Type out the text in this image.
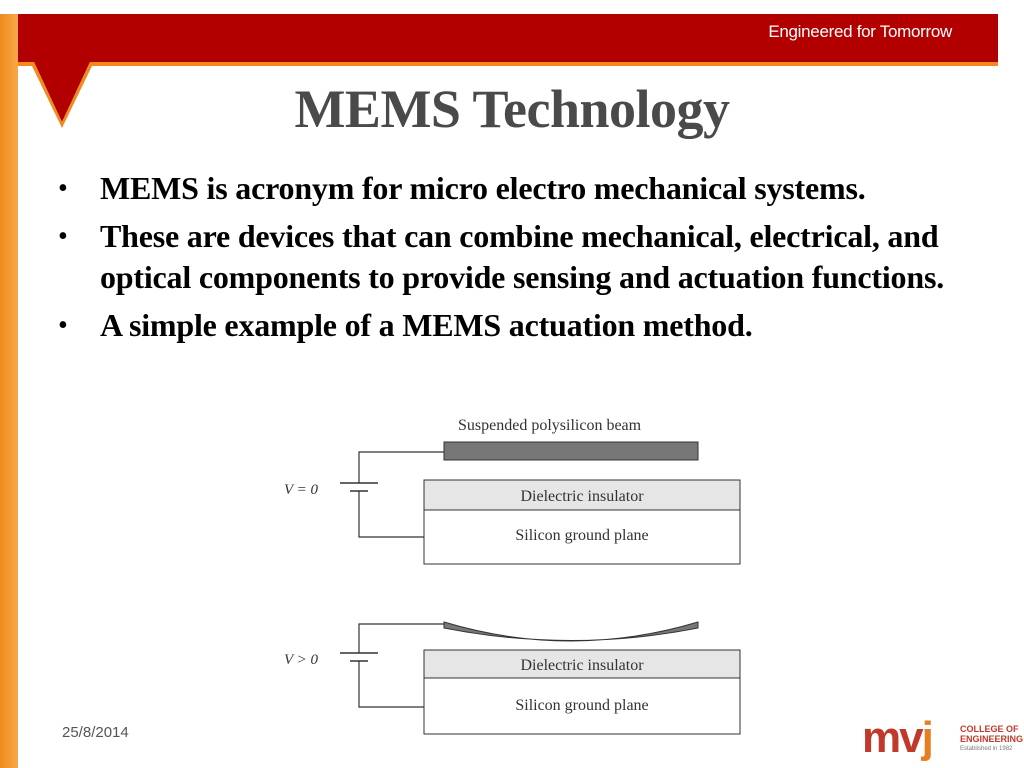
Engineered for Tomorrow
MEMS Technology
• MEMS is acronym for micro electro mechanical systems.
• These are devices that can combine mechanical, electrical, and optical components to provide sensing and actuation functions.
• A simple example of a MEMS actuation method.
Suspended polysilicon beam
V = 0	Dielectric insulator
Silicon ground plane
V > 0	Dielectric insulator
Silicon ground plane
25/8/2014	mvj	COLLEGE OF
ENGINEERING
Established in 1982
